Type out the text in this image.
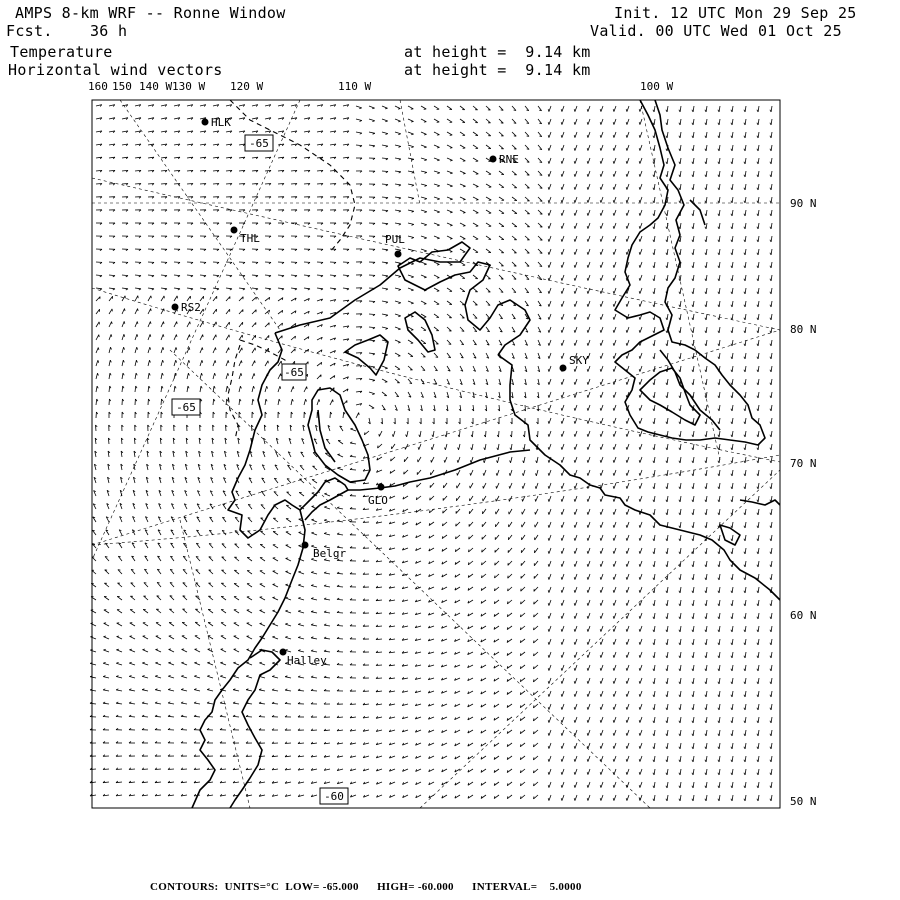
AMPS 8-km WRF -- Ronne Window
Fcst.    36 h
Temperature
Horizontal wind vectors
Init. 12 UTC Mon 29 Sep 25
Valid. 00 UTC Wed 01 Oct 25
at height =  9.14 km
at height =  9.14 km
160 150 140 W 130 W 120 W	110 W	100 W
90 N
80 N
70 N
60 N
50 N
-65
-65
-65
-60
HLK
RNE
THL	PUL
RS2
SKY
GLO
Belgr
Halley
CONTOURS:  UNITS=°C  LOW= -65.000      HIGH= -60.000      INTERVAL=    5.0000
